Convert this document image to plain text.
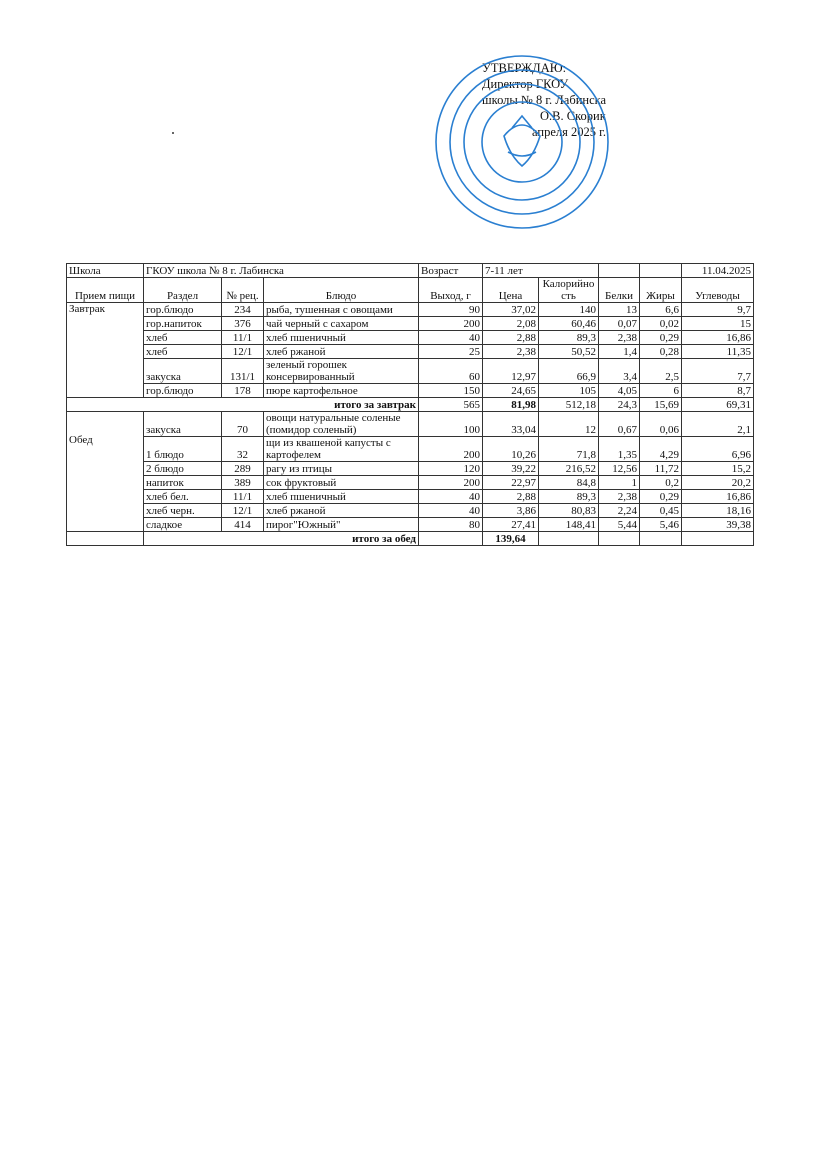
УТВЕРЖДАЮ:
Директор ГКОУ
школы № 8 г. Лабинска
О.В. Скорик
апреля 2025 г.
Школа	ГКОУ школа № 8 г. Лабинска			Возраст	7-11 лет				11.04.2025
Прием пищи	Раздел	№ рец.	Блюдо	Выход, г	Цена	Калорийность	Белки	Жиры	Углеводы
Завтрак	гор.блюдо	234	рыба, тушенная с овощами	90	37,02	140	13	6,6	9,7
	гор.напиток	376	чай черный с сахаром	200	2,08	60,46	0,07	0,02	15
	хлеб	11/1	хлеб пшеничный	40	2,88	89,3	2,38	0,29	16,86
	хлеб	12/1	хлеб ржаной	25	2,38	50,52	1,4	0,28	11,35
	закуска	131/1	зеленый горошек консервированный	60	12,97	66,9	3,4	2,5	7,7
	гор.блюдо	178	пюре картофельное	150	24,65	105	4,05	6	8,7
итого за завтрак				565	81,98	512,18	24,3	15,69	69,31
Обед	закуска	70	овощи натуральные соленые (помидор соленый)	100	33,04	12	0,67	0,06	2,1
	1 блюдо	32	щи из квашеной капусты с картофелем	200	10,26	71,8	1,35	4,29	6,96
	2 блюдо	289	рагу из птицы	120	39,22	216,52	12,56	11,72	15,2
	напиток	389	сок фруктовый	200	22,97	84,8	1	0,2	20,2
	хлеб бел.	11/1	хлеб пшеничный	40	2,88	89,3	2,38	0,29	16,86
	хлеб черн.	12/1	хлеб ржаной	40	3,86	80,83	2,24	0,45	18,16
	сладкое	414	пирог"Южный"	80	27,41	148,41	5,44	5,46	39,38
	итого за обед				139,64				
